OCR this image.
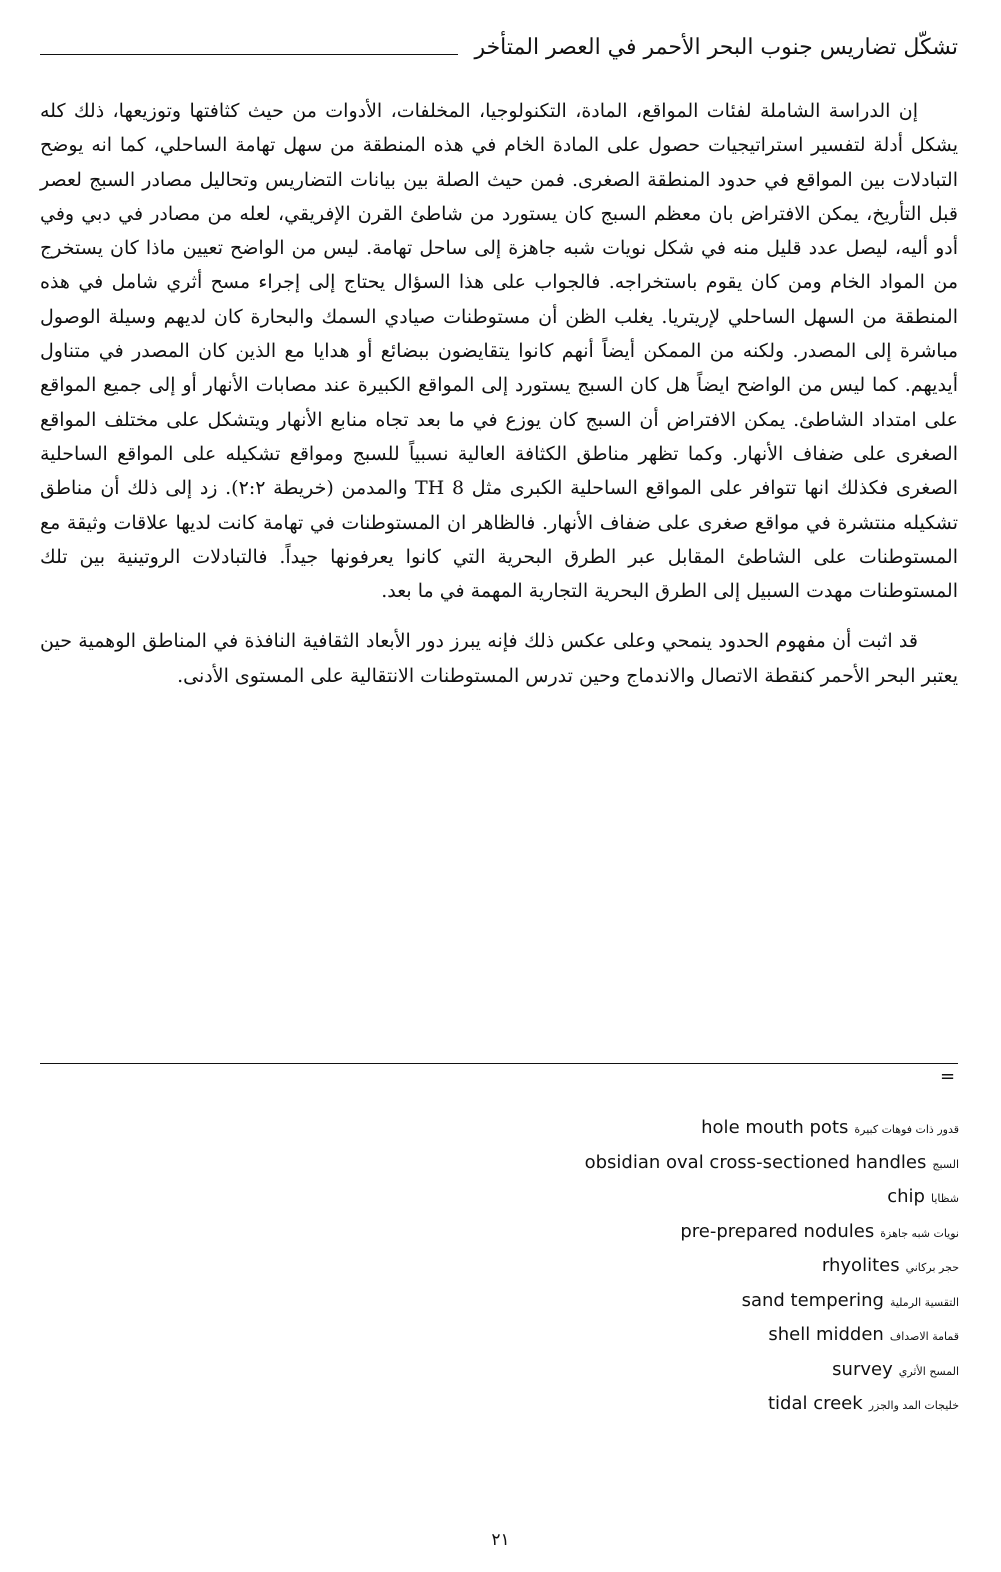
تشكّل تضاريس جنوب البحر الأحمر في العصر المتأخر

إن الدراسة الشاملة لفئات المواقع، المادة، التكنولوجيا، المخلفات، الأدوات من حيث كثافتها وتوزيعها، ذلك كله يشكل أدلة لتفسير استراتيجيات حصول على المادة الخام في هذه المنطقة من سهل تهامة الساحلي، كما انه يوضح التبادلات بين المواقع في حدود المنطقة الصغرى. فمن حيث الصلة بين بيانات التضاريس وتحاليل مصادر السبج لعصر قبل التأريخ، يمكن الافتراض بان معظم السبج كان يستورد من شاطئ القرن الإفريقي، لعله من مصادر في دبي وفي أدو أليه، ليصل عدد قليل منه في شكل نويات شبه جاهزة إلى ساحل تهامة. ليس من الواضح تعيين ماذا كان يستخرج من المواد الخام ومن كان يقوم باستخراجه. فالجواب على هذا السؤال يحتاج إلى إجراء مسح أثري شامل في هذه المنطقة من السهل الساحلي لإريتريا. يغلب الظن أن مستوطنات صيادي السمك والبحارة كان لديهم وسيلة الوصول مباشرة إلى المصدر. ولكنه من الممكن أيضاً أنهم كانوا يتقايضون ببضائع أو هدايا مع الذين كان المصدر في متناول أيديهم. كما ليس من الواضح ايضاً هل كان السبج يستورد إلى المواقع الكبيرة عند مصابات الأنهار أو إلى جميع المواقع على امتداد الشاطئ. يمكن الافتراض أن السبج كان يوزع في ما بعد تجاه منابع الأنهار ويتشكل على مختلف المواقع الصغرى على ضفاف الأنهار. وكما تظهر مناطق الكثافة العالية نسبياً للسبج ومواقع تشكيله على المواقع الساحلية الصغرى فكذلك انها تتوافر على المواقع الساحلية الكبرى مثل TH 8 والمدمن (خريطة ٢:٢). زد إلى ذلك أن مناطق تشكيله منتشرة في مواقع صغرى على ضفاف الأنهار. فالظاهر ان المستوطنات في تهامة كانت لديها علاقات وثيقة مع المستوطنات على الشاطئ المقابل عبر الطرق البحرية التي كانوا يعرفونها جيداً. فالتبادلات الروتينية بين تلك المستوطنات مهدت السبيل إلى الطرق البحرية التجارية المهمة في ما بعد.

قد اثبت أن مفهوم الحدود ينمحي وعلى عكس ذلك فإنه يبرز دور الأبعاد الثقافية النافذة في المناطق الوهمية حين يعتبر البحر الأحمر كنقطة الاتصال والاندماج وحين تدرس المستوطنات الانتقالية على المستوى الأدنى.

=
قدور ذات فوهات كبيرةhole mouth pots
السبجobsidian oval cross-sectioned handles
شظاياchip
نويات شبه جاهزةpre-prepared nodules
حجر بركانيrhyolites
التقسية الرمليةsand tempering
قمامة الاصدافshell midden
المسح الأثريsurvey
خليجات المد والجزرtidal creek
٢١
